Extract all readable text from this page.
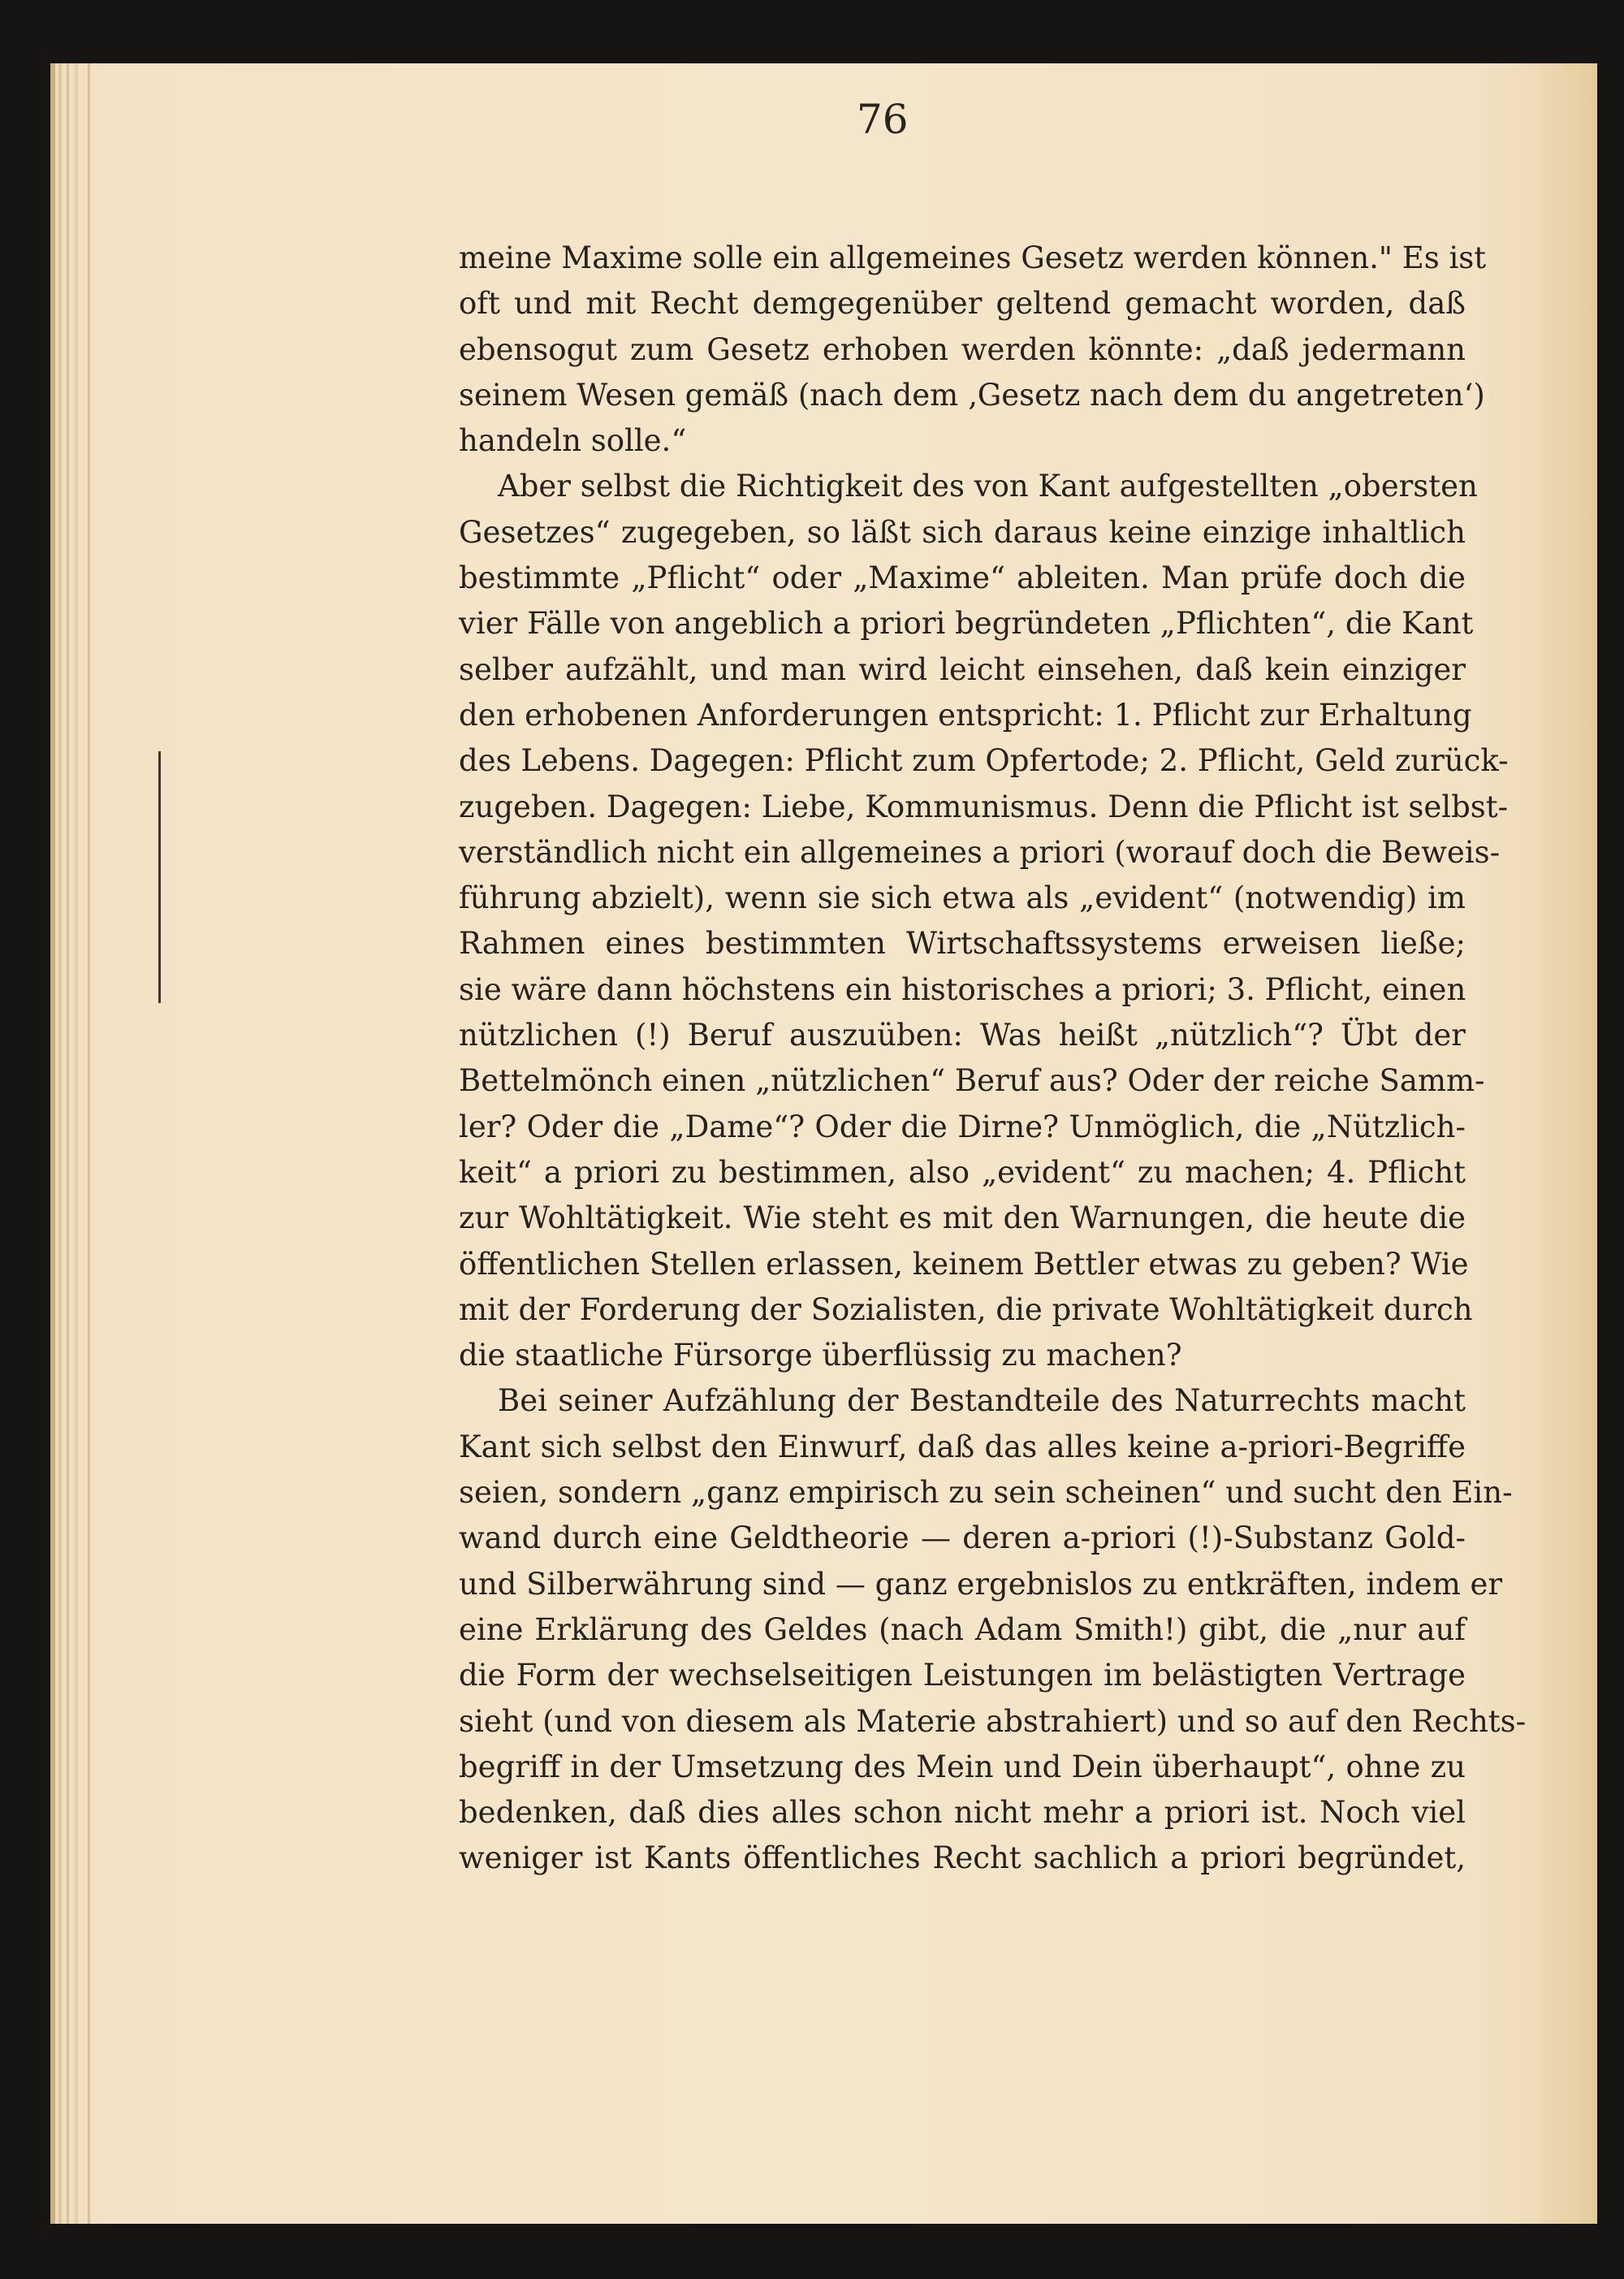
76
meine Maxime solle ein allgemeines Gesetz werden können." Es ist
oft und mit Recht demgegenüber geltend gemacht worden, daß
ebensogut zum Gesetz erhoben werden könnte: „daß jedermann
seinem Wesen gemäß (nach dem ‚Gesetz nach dem du angetreten‘)
handeln solle.“
Aber selbst die Richtigkeit des von Kant aufgestellten „obersten
Gesetzes“ zugegeben, so läßt sich daraus keine einzige inhaltlich
bestimmte „Pflicht“ oder „Maxime“ ableiten. Man prüfe doch die
vier Fälle von angeblich a priori begründeten „Pflichten“, die Kant
selber aufzählt, und man wird leicht einsehen, daß kein einziger
den erhobenen Anforderungen entspricht: 1. Pflicht zur Erhaltung
des Lebens. Dagegen: Pflicht zum Opfertode; 2. Pflicht, Geld zurück-
zugeben. Dagegen: Liebe, Kommunismus. Denn die Pflicht ist selbst-
verständlich nicht ein allgemeines a priori (worauf doch die Beweis-
führung abzielt), wenn sie sich etwa als „evident“ (notwendig) im
Rahmen eines bestimmten Wirtschaftssystems erweisen ließe;
sie wäre dann höchstens ein historisches a priori; 3. Pflicht, einen
nützlichen (!) Beruf auszuüben: Was heißt „nützlich“? Übt der
Bettelmönch einen „nützlichen“ Beruf aus? Oder der reiche Samm-
ler? Oder die „Dame“? Oder die Dirne? Unmöglich, die „Nützlich-
keit“ a priori zu bestimmen, also „evident“ zu machen; 4. Pflicht
zur Wohltätigkeit. Wie steht es mit den Warnungen, die heute die
öffentlichen Stellen erlassen, keinem Bettler etwas zu geben? Wie
mit der Forderung der Sozialisten, die private Wohltätigkeit durch
die staatliche Fürsorge überflüssig zu machen?
Bei seiner Aufzählung der Bestandteile des Naturrechts macht
Kant sich selbst den Einwurf, daß das alles keine a-priori-Begriffe
seien, sondern „ganz empirisch zu sein scheinen“ und sucht den Ein-
wand durch eine Geldtheorie — deren a-priori (!)-Substanz Gold-
und Silberwährung sind — ganz ergebnislos zu entkräften, indem er
eine Erklärung des Geldes (nach Adam Smith!) gibt, die „nur auf
die Form der wechselseitigen Leistungen im belästigten Vertrage
sieht (und von diesem als Materie abstrahiert) und so auf den Rechts-
begriff in der Umsetzung des Mein und Dein überhaupt“, ohne zu
bedenken, daß dies alles schon nicht mehr a priori ist. Noch viel
weniger ist Kants öffentliches Recht sachlich a priori begründet,
